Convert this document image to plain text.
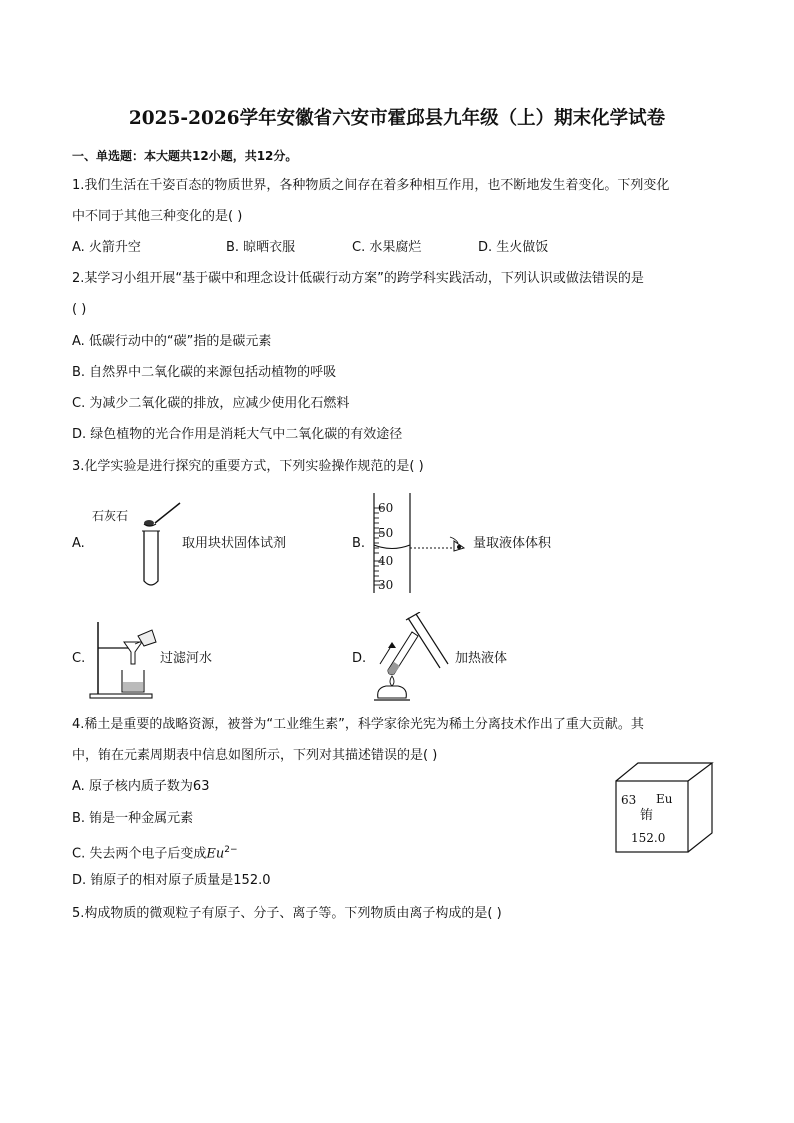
2025-2026学年安徽省六安市霍邱县九年级（上）期末化学试卷
一、单选题：本大题共12小题，共12分。
1.我们生活在千姿百态的物质世界，各种物质之间存在着多种相互作用，也不断地发生着变化。下列变化
中不同于其他三种变化的是( )
A. 火箭升空	B. 晾晒衣服	C. 水果腐烂	D. 生火做饭
2.某学习小组开展“基于碳中和理念设计低碳行动方案”的跨学科实践活动，下列认识或做法错误的是
( )
A. 低碳行动中的“碳”指的是碳元素
B. 自然界中二氧化碳的来源包括动植物的呼吸
C. 为减少二氧化碳的排放，应减少使用化石燃料
D. 绿色植物的光合作用是消耗大气中二氧化碳的有效途径
3.化学实验是进行探究的重要方式，下列实验操作规范的是( )
A.
石灰石
取用块状固体试剂	B.
60
50
40
30
量取液体体积
C.	过滤河水	D.	加热液体
4.稀土是重要的战略资源，被誉为“工业维生素”，科学家徐光宪为稀土分离技术作出了重大贡献。其
中，铕在元素周期表中信息如图所示，下列对其描述错误的是( )
A. 原子核内质子数为63
B. 铕是一种金属元素
C. 失去两个电子后变成$Eu^{2-}$
D. 铕原子的相对原子质量是152.0
63 Eu
铕
152.0
5.构成物质的微观粒子有原子、分子、离子等。下列物质由离子构成的是( )
